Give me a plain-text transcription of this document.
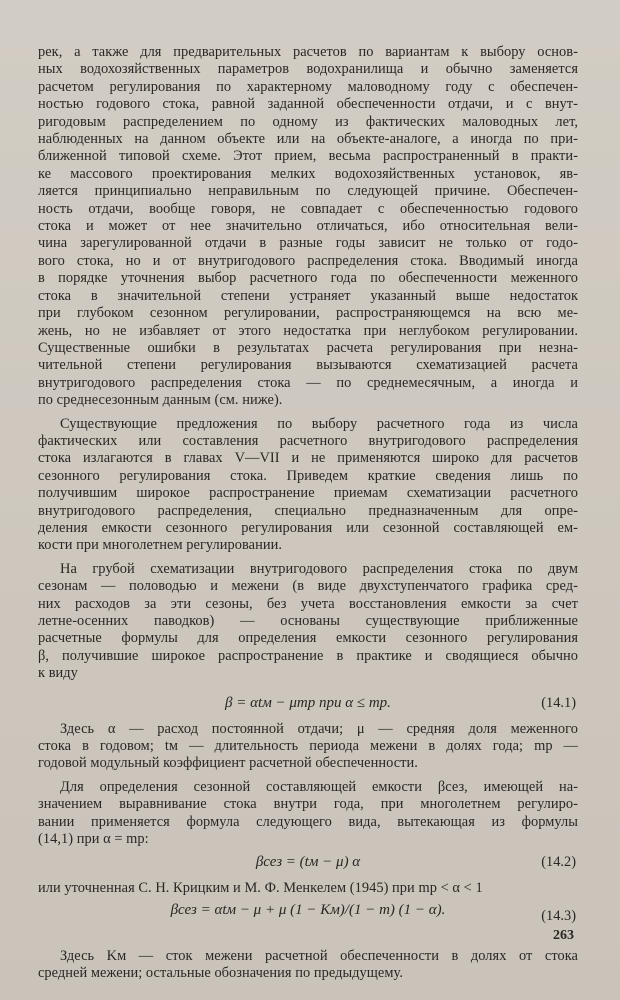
рек, а также для предварительных расчетов по вариантам к выбору основ-
ных водохозяйственных параметров водохранилища и обычно заменяется
расчетом регулирования по характерному маловодному году с обеспечен-
ностью годового стока, равной заданной обеспеченности отдачи, и с внут-
ригодовым распределением по одному из фактических маловодных лет,
наблюденных на данном объекте или на объекте-аналоге, а иногда по при-
ближенной типовой схеме. Этот прием, весьма распространенный в практи-
ке массового проектирования мелких водохозяйственных установок, яв-
ляется принципиально неправильным по следующей причине. Обеспечен-
ность отдачи, вообще говоря, не совпадает с обеспеченностью годового
стока и может от нее значительно отличаться, ибо относительная вели-
чина зарегулированной отдачи в разные годы зависит не только от годо-
вого стока, но и от внутригодового распределения стока. Вводимый иногда
в порядке уточнения выбор расчетного года по обеспеченности меженного
стока в значительной степени устраняет указанный выше недостаток
при глубоком сезонном регулировании, распространяющемся на всю ме-
жень, но не избавляет от этого недостатка при неглубоком регулировании.
Существенные ошибки в результатах расчета регулирования при незна-
чительной степени регулирования вызываются схематизацией расчета
внутригодового распределения стока — по среднемесячным, а иногда и
по среднесезонным данным (см. ниже).
Существующие предложения по выбору расчетного года из числа
фактических или составления расчетного внутригодового распределения
стока излагаются в главах V—VII и не применяются широко для расчетов
сезонного регулирования стока. Приведем краткие сведения лишь по
получившим широкое распространение приемам схематизации расчетного
внутригодового распределения, специально предназначенным для опре-
деления емкости сезонного регулирования или сезонной составляющей ем-
кости при многолетнем регулировании.
На грубой схематизации внутригодового распределения стока по двум
сезонам — половодью и межени (в виде двухступенчатого графика сред-
них расходов за эти сезоны, без учета восстановления емкости за счет
летне-осенних паводков) — основаны существующие приближенные
расчетные формулы для определения емкости сезонного регулирования
β, получившие широкое распространение в практике и сводящиеся обычно
к виду
β = αtм − μmр при α ≤ mр.	(14.1)
Здесь α — расход постоянной отдачи; μ — средняя доля меженного
стока в годовом; tм — длительность периода межени в долях года; mр —
годовой модульный коэффициент расчетной обеспеченности.
Для определения сезонной составляющей емкости βсез, имеющей на-
значением выравнивание стока внутри года, при многолетнем регулиро-
вании применяется формула следующего вида, вытекающая из формулы
(14,1) при α = mр:
βсез = (tм − μ) α	(14.2)
или уточненная С. Н. Крицким и М. Ф. Менкелем (1945) при mр < α < 1
βсез = αtм − μ + μ (1 − Kм)/(1 − m) (1 − α).	(14.3)
Здесь Kм — сток межени расчетной обеспеченности в долях от стока
средней межени; остальные обозначения по предыдущему.
263
